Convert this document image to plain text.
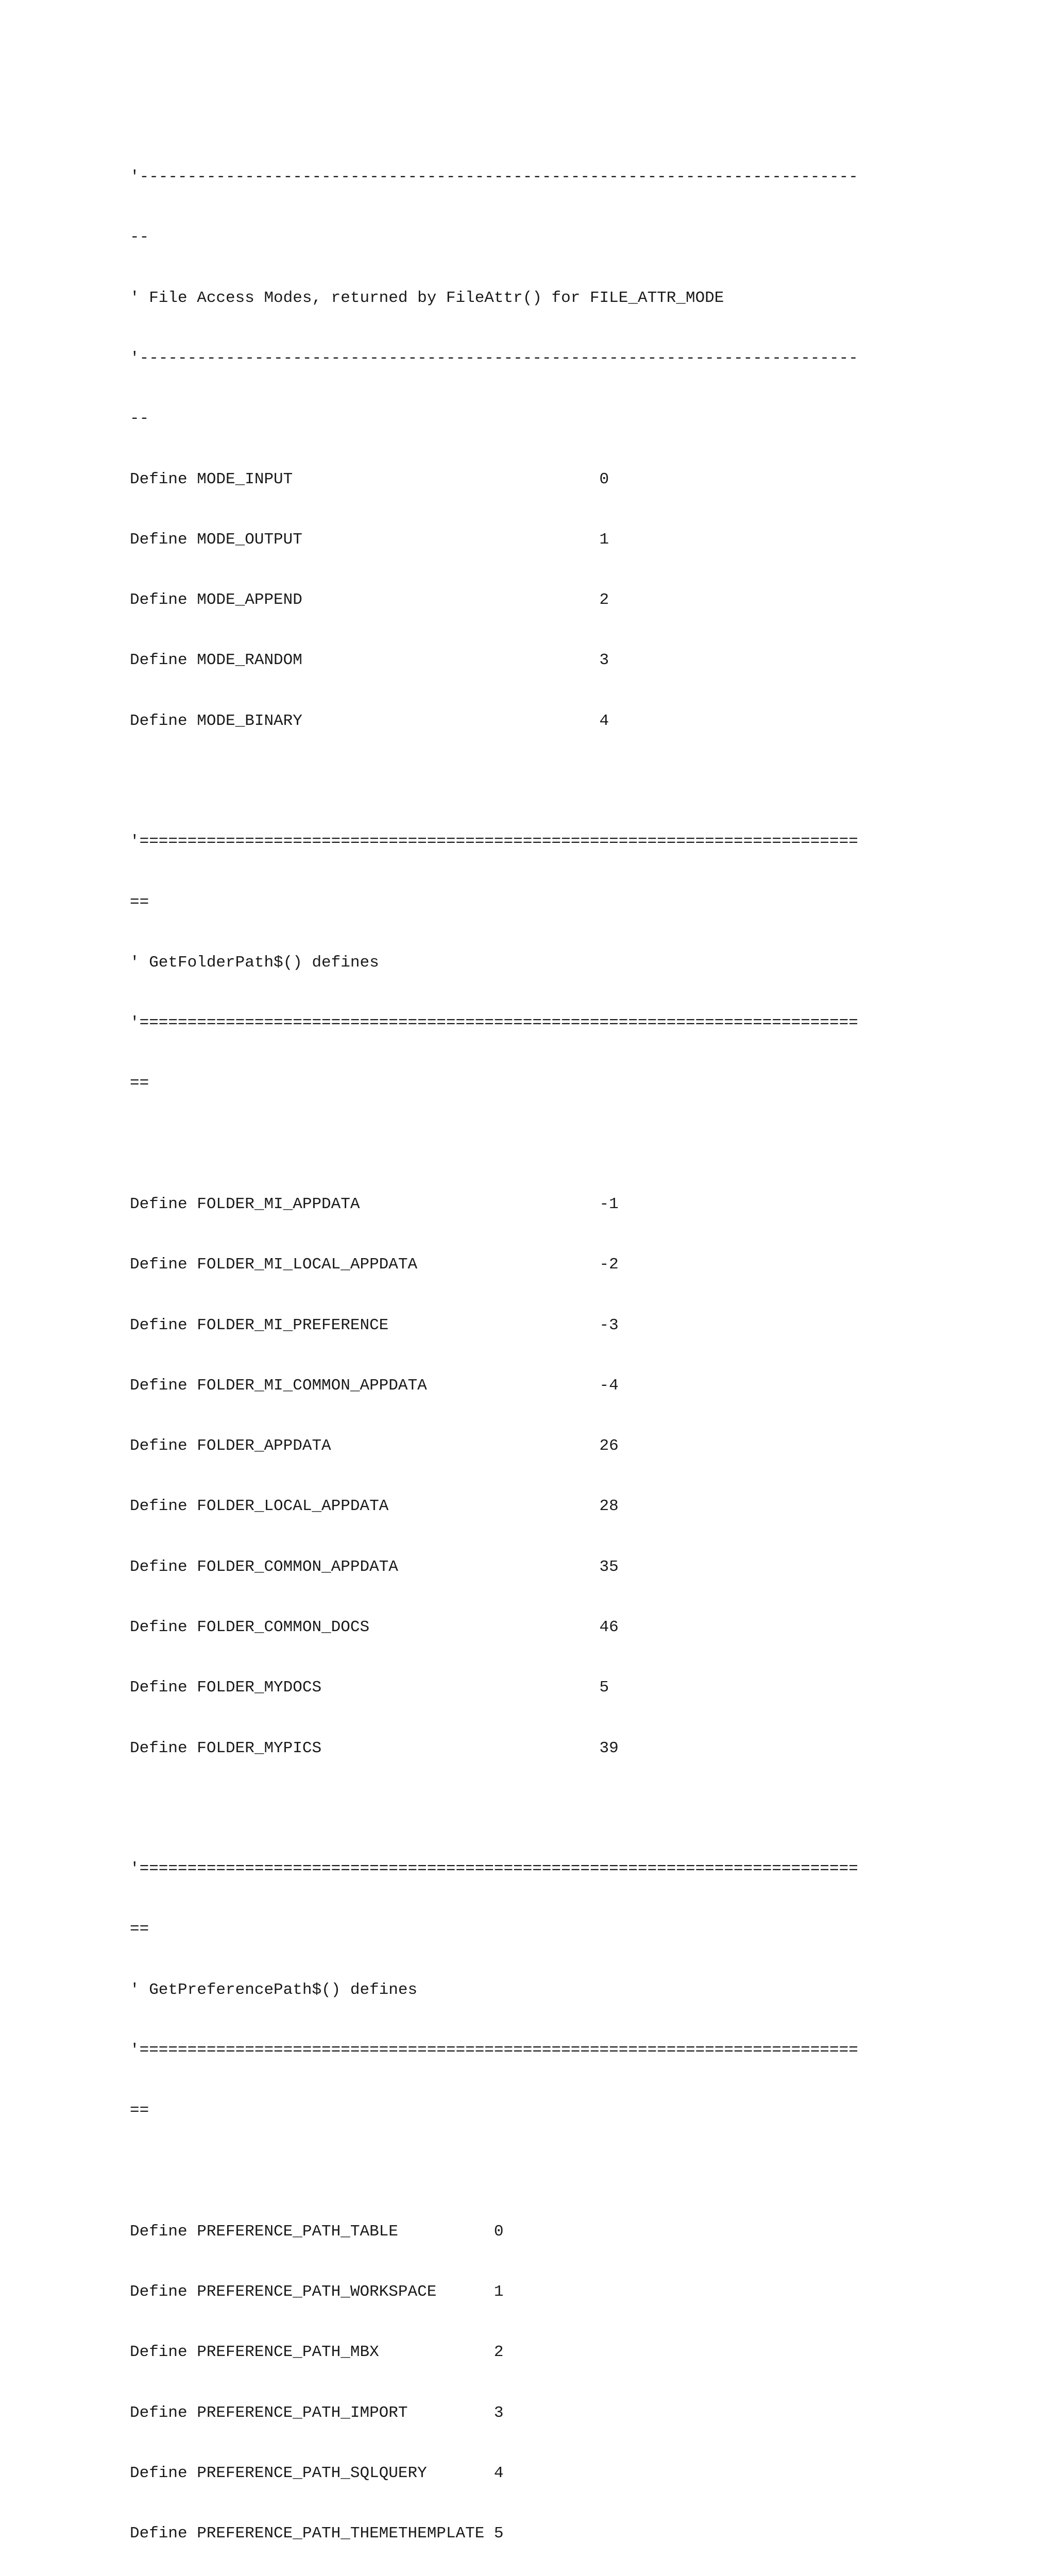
'---------------------------------------------------------------------------

--

' File Access Modes, returned by FileAttr() for FILE_ATTR_MODE

'---------------------------------------------------------------------------

--

Define MODE_INPUT                                0

Define MODE_OUTPUT                               1

Define MODE_APPEND                               2

Define MODE_RANDOM                               3

Define MODE_BINARY                               4

'===========================================================================

==

' GetFolderPath$() defines

'===========================================================================

==

Define FOLDER_MI_APPDATA                         -1

Define FOLDER_MI_LOCAL_APPDATA                   -2

Define FOLDER_MI_PREFERENCE                      -3

Define FOLDER_MI_COMMON_APPDATA                  -4

Define FOLDER_APPDATA                            26

Define FOLDER_LOCAL_APPDATA                      28

Define FOLDER_COMMON_APPDATA                     35

Define FOLDER_COMMON_DOCS                        46

Define FOLDER_MYDOCS                             5

Define FOLDER_MYPICS                             39

'===========================================================================

==

' GetPreferencePath$() defines

'===========================================================================

==

Define PREFERENCE_PATH_TABLE          0

Define PREFERENCE_PATH_WORKSPACE      1

Define PREFERENCE_PATH_MBX            2

Define PREFERENCE_PATH_IMPORT         3

Define PREFERENCE_PATH_SQLQUERY       4

Define PREFERENCE_PATH_THEMETHEMPLATE 5
